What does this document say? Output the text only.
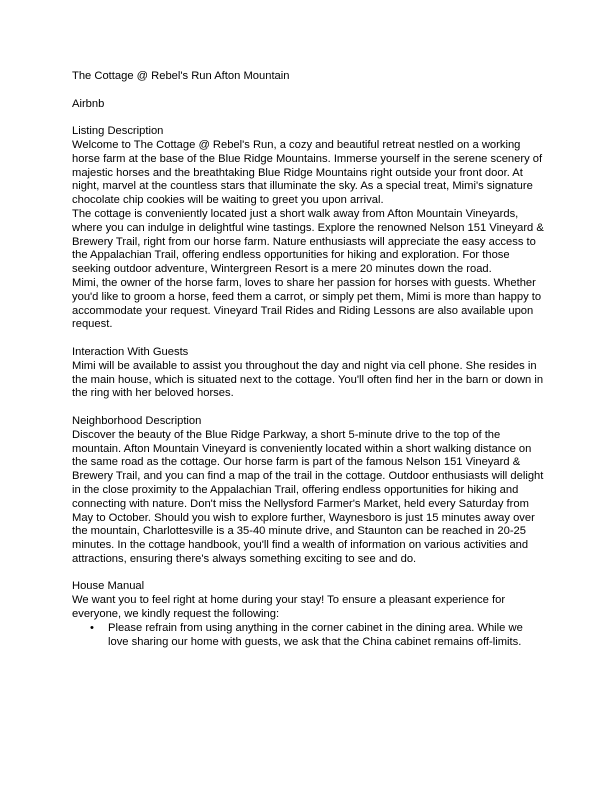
The Cottage @ Rebel's Run Afton Mountain

Airbnb

Listing Description

Welcome to The Cottage @ Rebel's Run, a cozy and beautiful retreat nestled on a working horse farm at the base of the Blue Ridge Mountains. Immerse yourself in the serene scenery of majestic horses and the breathtaking Blue Ridge Mountains right outside your front door. At night, marvel at the countless stars that illuminate the sky. As a special treat, Mimi's signature chocolate chip cookies will be waiting to greet you upon arrival.

The cottage is conveniently located just a short walk away from Afton Mountain Vineyards, where you can indulge in delightful wine tastings. Explore the renowned Nelson 151 Vineyard & Brewery Trail, right from our horse farm. Nature enthusiasts will appreciate the easy access to the Appalachian Trail, offering endless opportunities for hiking and exploration. For those seeking outdoor adventure, Wintergreen Resort is a mere 20 minutes down the road.

Mimi, the owner of the horse farm, loves to share her passion for horses with guests. Whether you'd like to groom a horse, feed them a carrot, or simply pet them, Mimi is more than happy to accommodate your request. Vineyard Trail Rides and Riding Lessons are also available upon request.

Interaction With Guests

Mimi will be available to assist you throughout the day and night via cell phone. She resides in the main house, which is situated next to the cottage. You'll often find her in the barn or down in the ring with her beloved horses.

Neighborhood Description

Discover the beauty of the Blue Ridge Parkway, a short 5-minute drive to the top of the mountain. Afton Mountain Vineyard is conveniently located within a short walking distance on the same road as the cottage. Our horse farm is part of the famous Nelson 151 Vineyard & Brewery Trail, and you can find a map of the trail in the cottage. Outdoor enthusiasts will delight in the close proximity to the Appalachian Trail, offering endless opportunities for hiking and connecting with nature. Don't miss the Nellysford Farmer's Market, held every Saturday from May to October. Should you wish to explore further, Waynesboro is just 15 minutes away over the mountain, Charlottesville is a 35-40 minute drive, and Staunton can be reached in 20-25 minutes. In the cottage handbook, you'll find a wealth of information on various activities and attractions, ensuring there's always something exciting to see and do.

House Manual

We want you to feel right at home during your stay! To ensure a pleasant experience for everyone, we kindly request the following:

• Please refrain from using anything in the corner cabinet in the dining area. While we love sharing our home with guests, we ask that the China cabinet remains off-limits.
